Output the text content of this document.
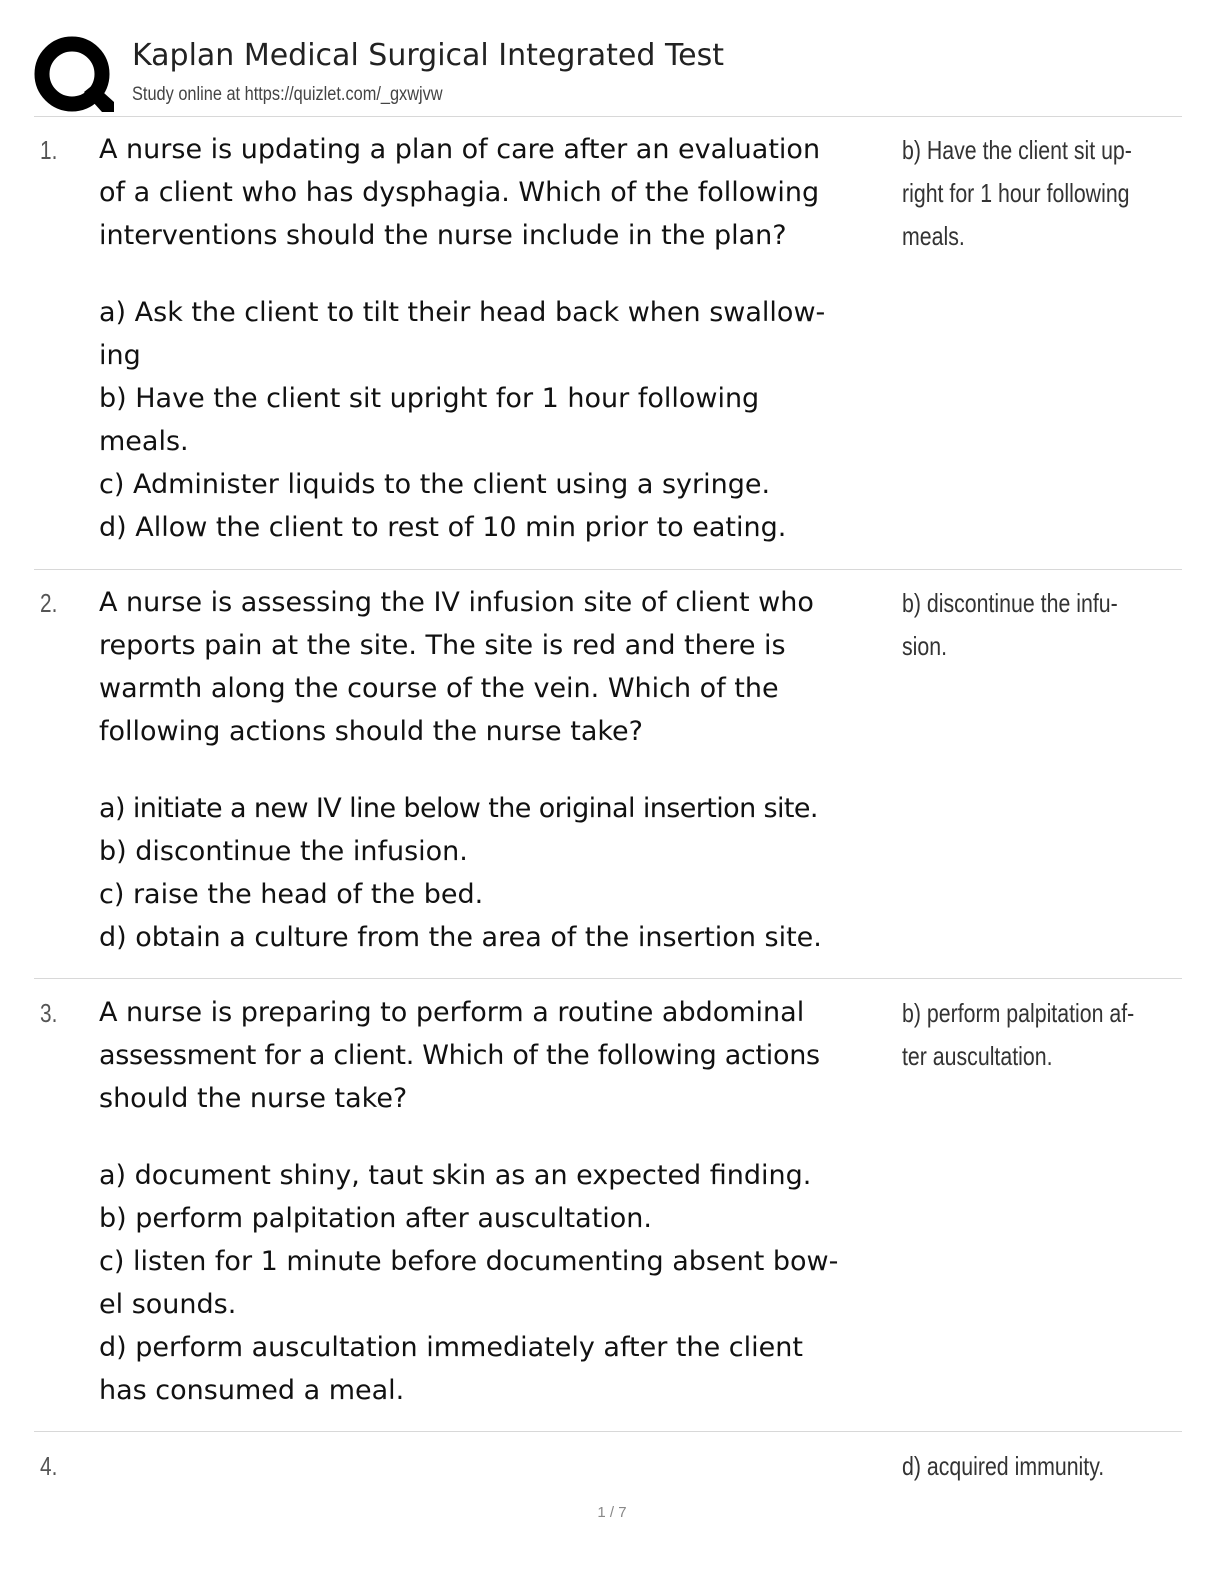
Kaplan Medical Surgical Integrated Test
Study online at https://quizlet.com/_gxwjvw
1. A nurse is updating a plan of care after an evaluation

of a client who has dysphagia. Which of the following

interventions should the nurse include in the plan?

a) Ask the client to tilt their head back when swallow-

ing

b) Have the client sit upright for 1 hour following

meals.

c) Administer liquids to the client using a syringe.

d) Allow the client to rest of 10 min prior to eating.

b) Have the client sit up-
right for 1 hour following
meals.
2. A nurse is assessing the IV infusion site of client who

reports pain at the site. The site is red and there is

warmth along the course of the vein. Which of the

following actions should the nurse take?

a) initiate a new IV line below the original insertion site.

b) discontinue the infusion.

c) raise the head of the bed.

d) obtain a culture from the area of the insertion site.

b) discontinue the infu-
sion.
3. A nurse is preparing to perform a routine abdominal

assessment for a client. Which of the following actions

should the nurse take?

a) document shiny, taut skin as an expected finding.

b) perform palpitation after auscultation.

c) listen for 1 minute before documenting absent bow-

el sounds.

d) perform auscultation immediately after the client

has consumed a meal.

b) perform palpitation af-
ter auscultation.
4.	d) acquired immunity.
1 / 7
